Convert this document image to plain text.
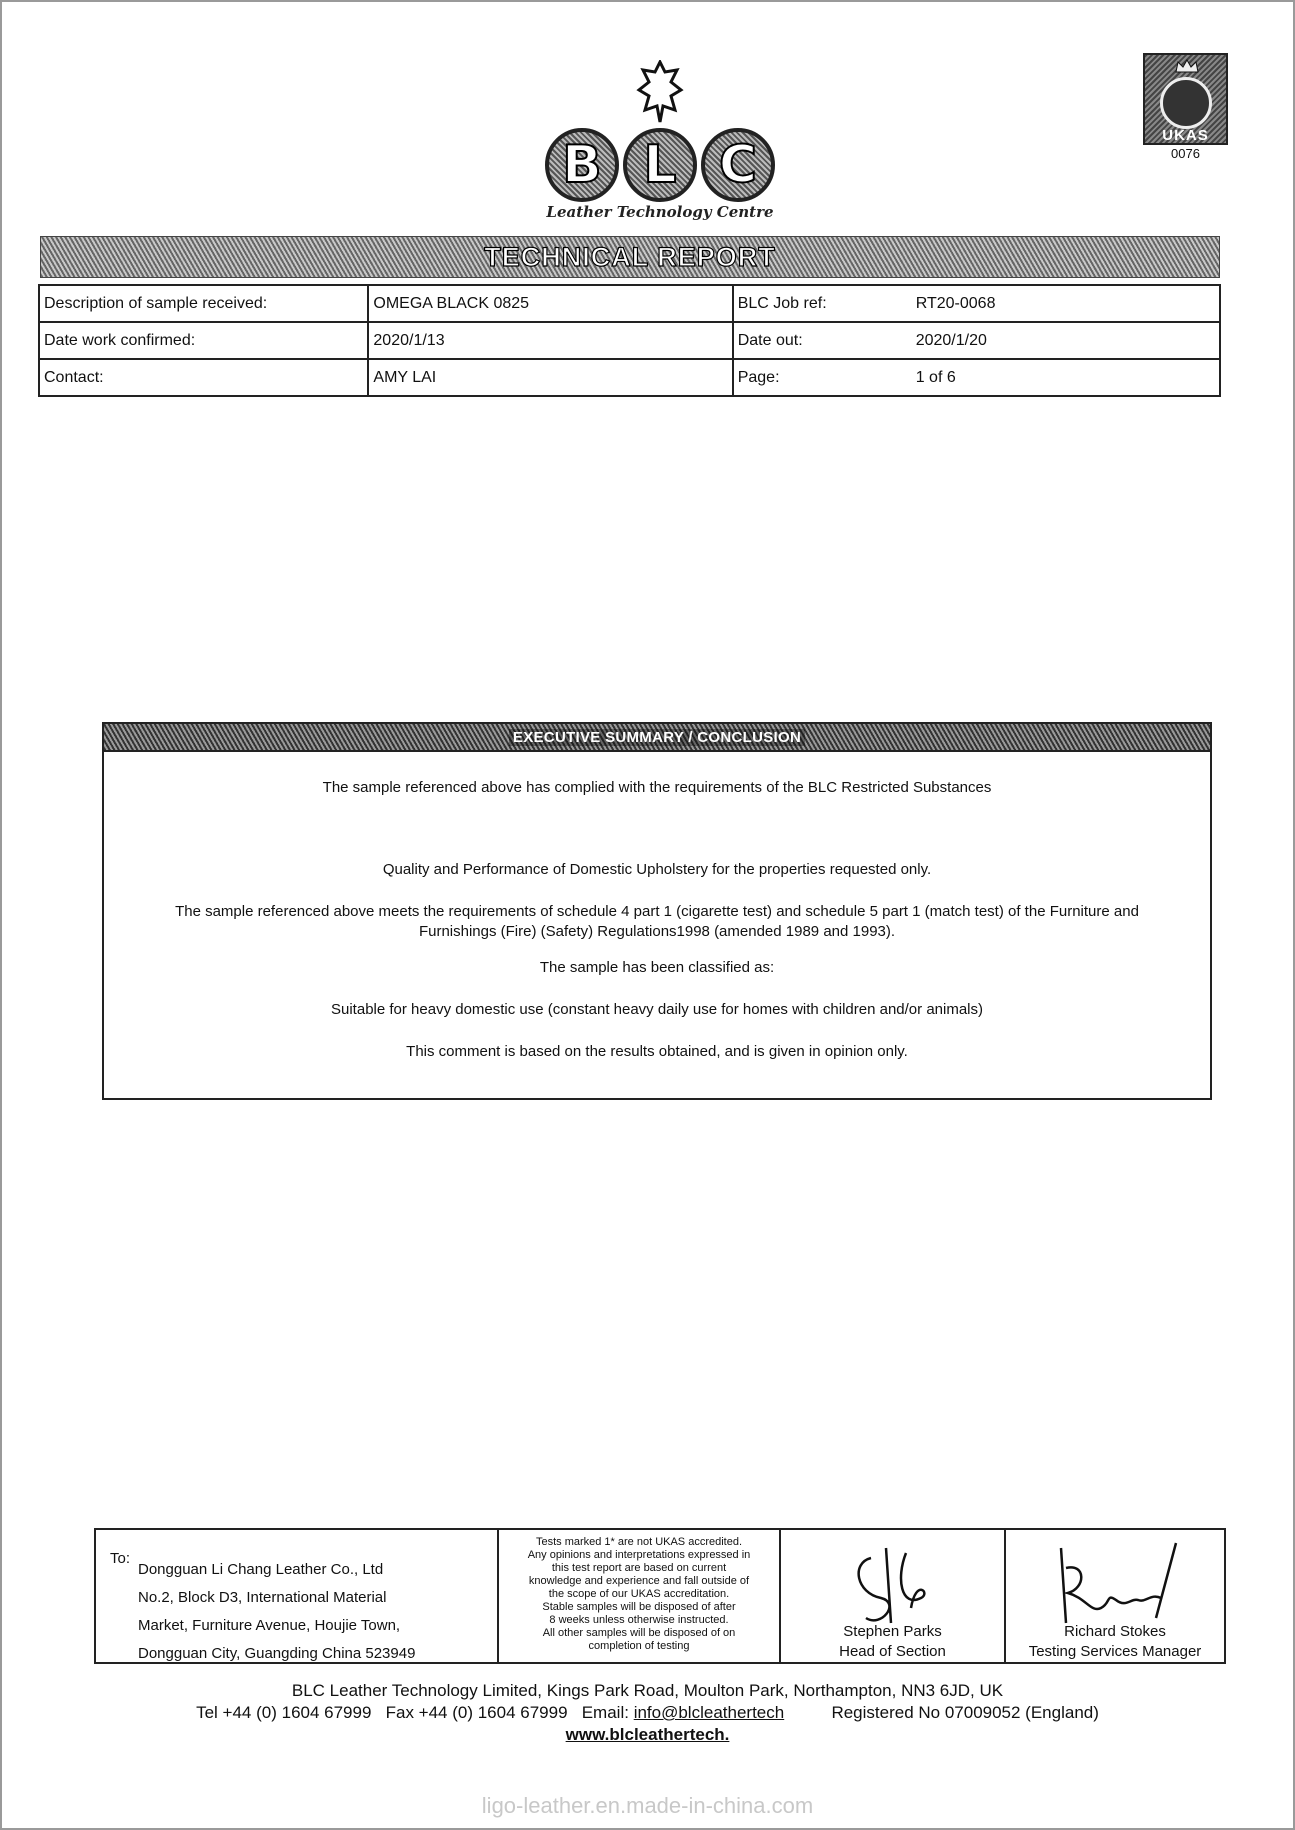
B L C
Leather Technology Centre
UKAS
0076
TECHNICAL REPORT
Description of sample received:	OMEGA BLACK 0825	BLC Job ref: RT20-0068
Date work confirmed:	2020/1/13	Date out: 2020/1/20
Contact:	AMY LAI	Page: 1 of 6
EXECUTIVE SUMMARY / CONCLUSION
The sample referenced above has complied with the requirements of the BLC Restricted Substances
Quality and Performance of Domestic Upholstery for the properties requested only.
The sample referenced above meets the requirements of schedule 4 part 1 (cigarette test) and schedule 5 part 1 (match test) of the Furniture and
Furnishings (Fire) (Safety) Regulations1998 (amended 1989 and 1993).
The sample has been classified as:
Suitable for heavy domestic use (constant heavy daily use for homes with children and/or animals)
This comment is based on the results obtained, and is given in opinion only.
To:
Dongguan Li Chang Leather Co., Ltd
No.2, Block D3, International Material
Market, Furniture Avenue, Houjie Town,
Dongguan City, Guangding China 523949
Tests marked 1* are not UKAS accredited.
Any opinions and interpretations expressed in
this test report are based on current
knowledge and experience and fall outside of
the scope of our UKAS accreditation.
Stable samples will be disposed of after
8 weeks unless otherwise instructed.
All other samples will be disposed of on
completion of testing
Stephen Parks
Head of Section
Richard Stokes
Testing Services Manager
BLC Leather Technology Limited, Kings Park Road, Moulton Park, Northampton, NN3 6JD, UK
Tel +44 (0) 1604 67999 Fax +44 (0) 1604 67999 Email: info@blcleathertech	Registered No 07009052 (England)
www.blcleathertech.
ligo-leather.en.made-in-china.com
